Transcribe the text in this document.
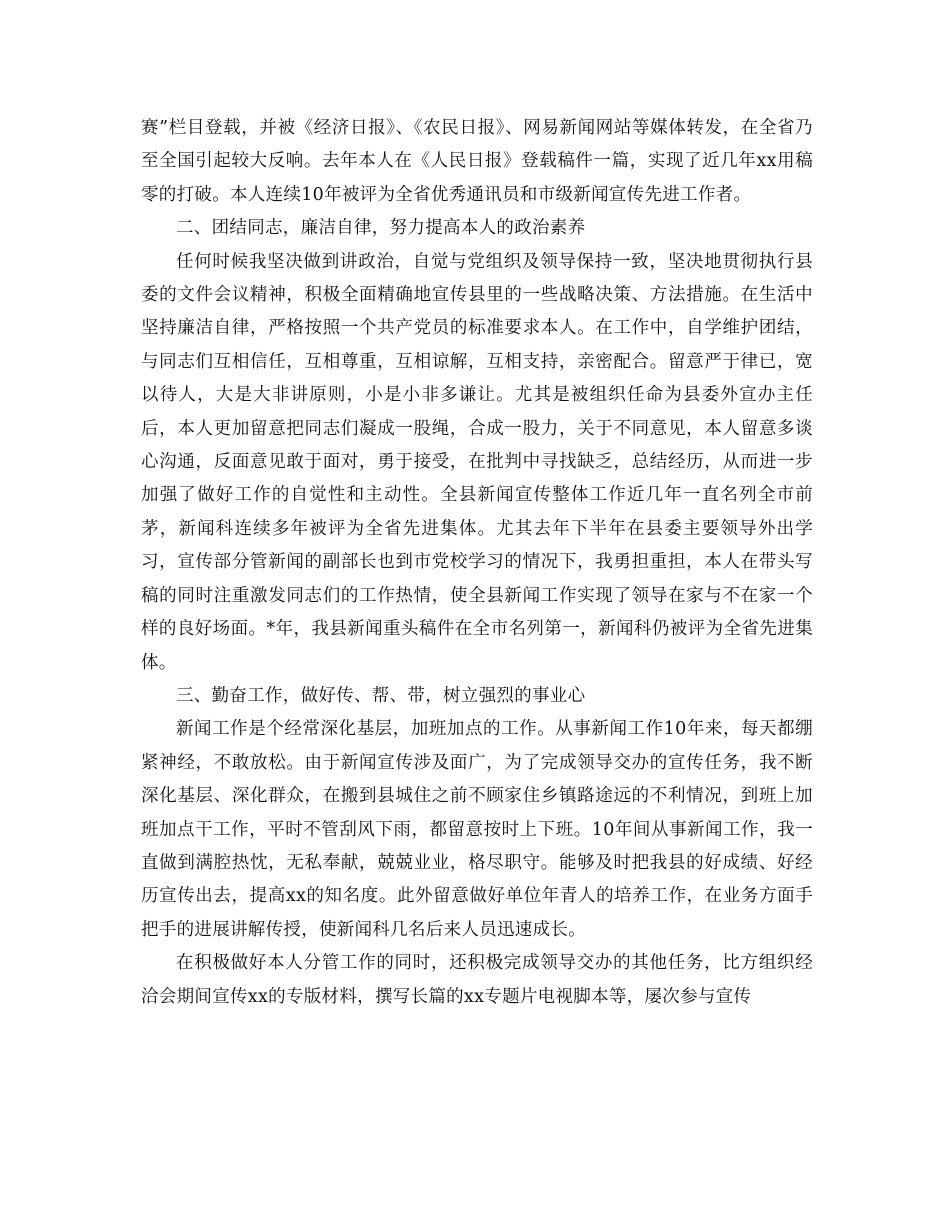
赛”栏目登载，并被《经济日报》、《农民日报》、网易新闻网站等媒体转发，在全省乃至全国引起较大反响。去年本人在《人民日报》登载稿件一篇，实现了近几年xx用稿零的打破。本人连续10年被评为全省优秀通讯员和市级新闻宣传先进工作者。

二、团结同志，廉洁自律，努力提高本人的政治素养

任何时候我坚决做到讲政治，自觉与党组织及领导保持一致，坚决地贯彻执行县委的文件会议精神，积极全面精确地宣传县里的一些战略决策、方法措施。在生活中坚持廉洁自律，严格按照一个共产党员的标准要求本人。在工作中，自学维护团结，与同志们互相信任，互相尊重，互相谅解，互相支持，亲密配合。留意严于律已，宽以待人，大是大非讲原则，小是小非多谦让。尤其是被组织任命为县委外宣办主任后，本人更加留意把同志们凝成一股绳，合成一股力，关于不同意见，本人留意多谈心沟通，反面意见敢于面对，勇于接受，在批判中寻找缺乏，总结经历，从而进一步加强了做好工作的自觉性和主动性。全县新闻宣传整体工作近几年一直名列全市前茅，新闻科连续多年被评为全省先进集体。尤其去年下半年在县委主要领导外出学习，宣传部分管新闻的副部长也到市党校学习的情况下，我勇担重担，本人在带头写稿的同时注重激发同志们的工作热情，使全县新闻工作实现了领导在家与不在家一个样的良好场面。*年，我县新闻重头稿件在全市名列第一，新闻科仍被评为全省先进集体。

三、勤奋工作，做好传、帮、带，树立强烈的事业心

新闻工作是个经常深化基层，加班加点的工作。从事新闻工作10年来，每天都绷紧神经，不敢放松。由于新闻宣传涉及面广，为了完成领导交办的宣传任务，我不断深化基层、深化群众，在搬到县城住之前不顾家住乡镇路途远的不利情况，到班上加班加点干工作，平时不管刮风下雨，都留意按时上下班。10年间从事新闻工作，我一直做到满腔热忱，无私奉献，兢兢业业，格尽职守。能够及时把我县的好成绩、好经历宣传出去，提高xx的知名度。此外留意做好单位年青人的培养工作，在业务方面手把手的进展讲解传授，使新闻科几名后来人员迅速成长。

在积极做好本人分管工作的同时，还积极完成领导交办的其他任务，比方组织经洽会期间宣传xx的专版材料，撰写长篇的xx专题片电视脚本等，屡次参与宣传
